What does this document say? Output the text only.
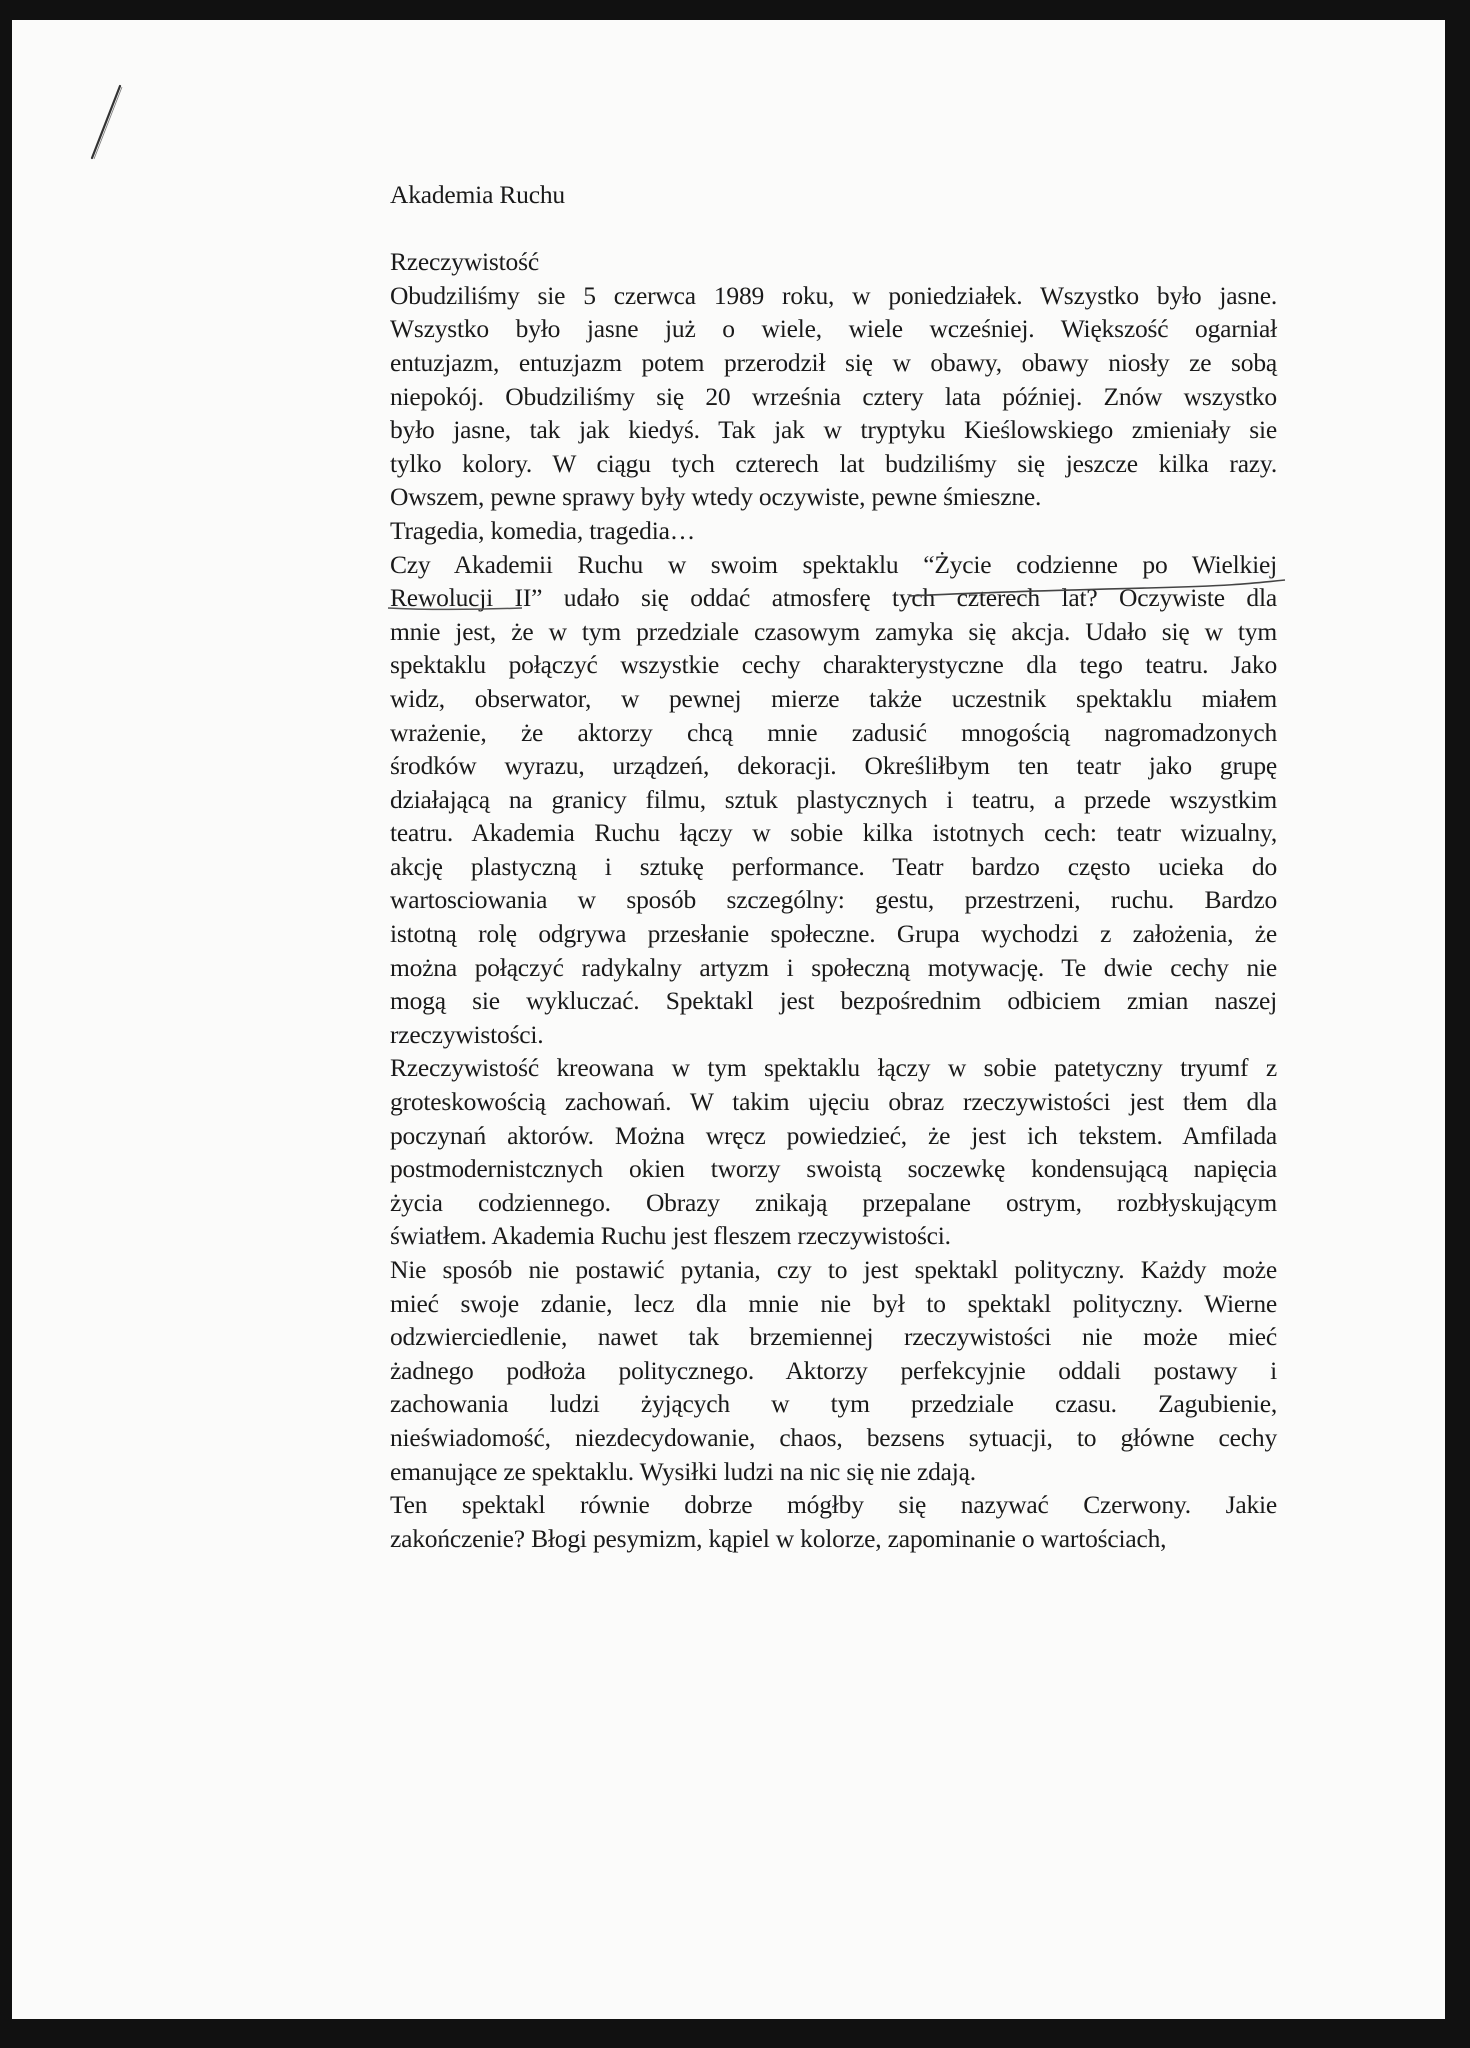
Akademia Ruchu
Rzeczywistość
Obudziliśmy sie 5 czerwca 1989 roku, w poniedziałek. Wszystko było jasne.
Wszystko było jasne już o wiele, wiele wcześniej. Większość ogarniał
entuzjazm, entuzjazm potem przerodził się w obawy, obawy niosły ze sobą
niepokój. Obudziliśmy się 20 września cztery lata później. Znów wszystko
było jasne, tak jak kiedyś. Tak jak w tryptyku Kieślowskiego zmieniały sie
tylko kolory. W ciągu tych czterech lat budziliśmy się jeszcze kilka razy.
Owszem, pewne sprawy były wtedy oczywiste, pewne śmieszne.
Tragedia, komedia, tragedia…
Czy Akademii Ruchu w swoim spektaklu “Życie codzienne po Wielkiej
Rewolucji II” udało się oddać atmosferę tych czterech lat? Oczywiste dla
mnie jest, że w tym przedziale czasowym zamyka się akcja. Udało się w tym
spektaklu połączyć wszystkie cechy charakterystyczne dla tego teatru. Jako
widz, obserwator, w pewnej mierze także uczestnik spektaklu miałem
wrażenie, że aktorzy chcą mnie zadusić mnogością nagromadzonych
środków wyrazu, urządzeń, dekoracji. Określiłbym ten teatr jako grupę
działającą na granicy filmu, sztuk plastycznych i teatru, a przede wszystkim
teatru. Akademia Ruchu łączy w sobie kilka istotnych cech: teatr wizualny,
akcję plastyczną i sztukę performance. Teatr bardzo często ucieka do
wartosciowania w sposób szczególny: gestu, przestrzeni, ruchu. Bardzo
istotną rolę odgrywa przesłanie społeczne. Grupa wychodzi z założenia, że
można połączyć radykalny artyzm i społeczną motywację. Te dwie cechy nie
mogą sie wykluczać. Spektakl jest bezpośrednim odbiciem zmian naszej
rzeczywistości.
Rzeczywistość kreowana w tym spektaklu łączy w sobie patetyczny tryumf z
groteskowością zachowań. W takim ujęciu obraz rzeczywistości jest tłem dla
poczynań aktorów. Można wręcz powiedzieć, że jest ich tekstem. Amfilada
postmodernistcznych okien tworzy swoistą soczewkę kondensującą napięcia
życia codziennego. Obrazy znikają przepalane ostrym, rozbłyskującym
światłem. Akademia Ruchu jest fleszem rzeczywistości.
Nie sposób nie postawić pytania, czy to jest spektakl polityczny. Każdy może
mieć swoje zdanie, lecz dla mnie nie był to spektakl polityczny. Wierne
odzwierciedlenie, nawet tak brzemiennej rzeczywistości nie może mieć
żadnego podłoża politycznego. Aktorzy perfekcyjnie oddali postawy i
zachowania ludzi żyjących w tym przedziale czasu. Zagubienie,
nieświadomość, niezdecydowanie, chaos, bezsens sytuacji, to główne cechy
emanujące ze spektaklu. Wysiłki ludzi na nic się nie zdają.
Ten spektakl równie dobrze mógłby się nazywać Czerwony. Jakie
zakończenie? Błogi pesymizm, kąpiel w kolorze, zapominanie o wartościach,
